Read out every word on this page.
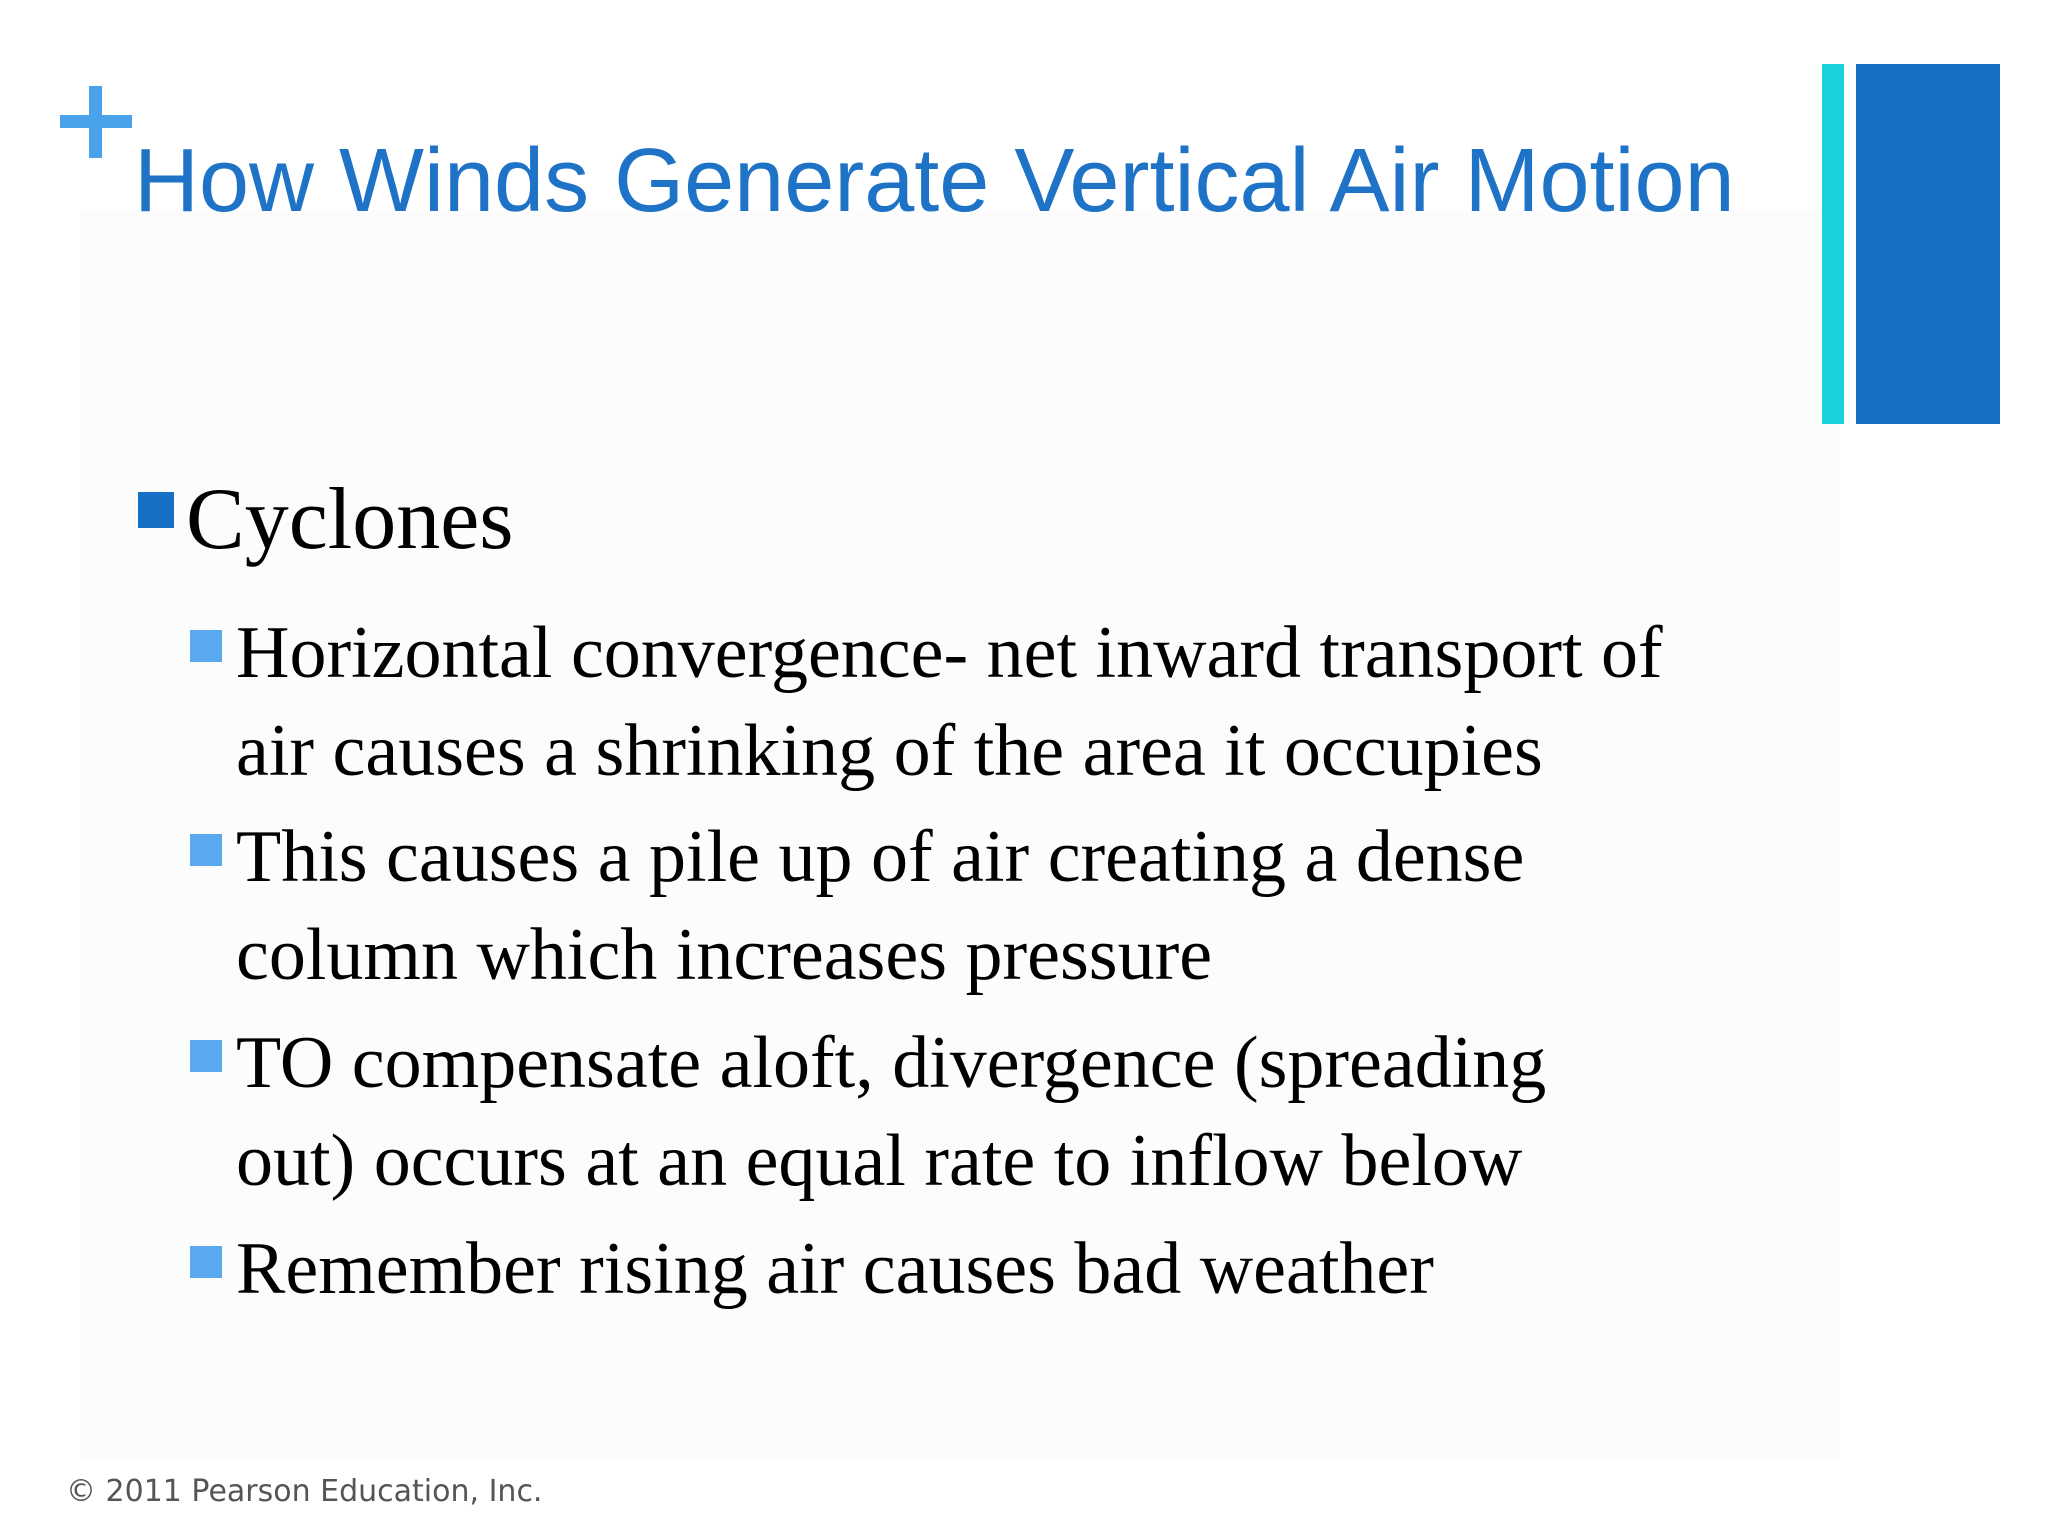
How Winds Generate Vertical Air Motion
Cyclones
Horizontal convergence- net inward transport of
air causes a shrinking of the area it occupies
This causes a pile up of air creating a dense
column which increases pressure
TO compensate aloft, divergence (spreading
out) occurs at an equal rate to inflow below
Remember rising air causes bad weather
© 2011 Pearson Education, Inc.
